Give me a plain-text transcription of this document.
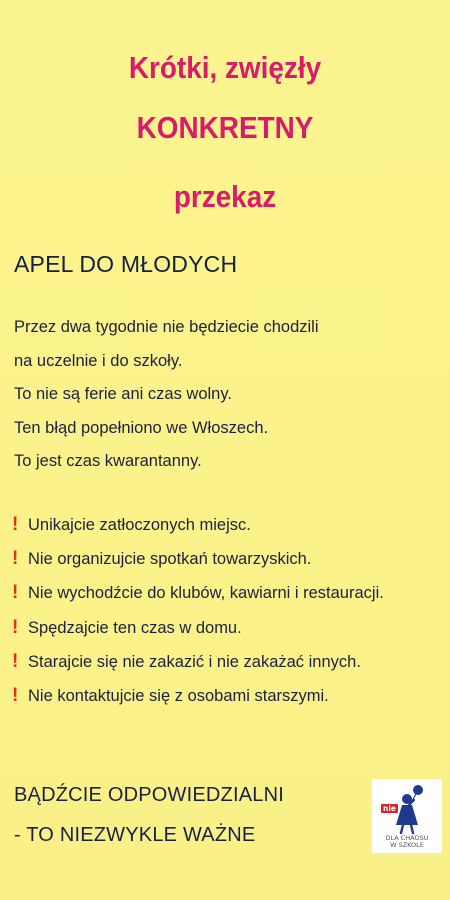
Krótki, zwięzły
KONKRETNY
przekaz
APEL DO MŁODYCH
Przez dwa tygodnie nie będziecie chodzili
na uczelnie i do szkoły.
To nie są ferie ani czas wolny.
Ten błąd popełniono we Włoszech.
To jest czas kwarantanny.
! Unikajcie zatłoczonych miejsc.
! Nie organizujcie spotkań towarzyskich.
! Nie wychodźcie do klubów, kawiarni i restauracji.
! Spędzajcie ten czas w domu.
! Starajcie się nie zakazić i nie zakażać innych.
! Nie kontaktujcie się z osobami starszymi.
BĄDŹCIE ODPOWIEDZIALNI
- TO NIEZWYKLE WAŻNE
nie
DLA CHAOSU
W SZKOLE
